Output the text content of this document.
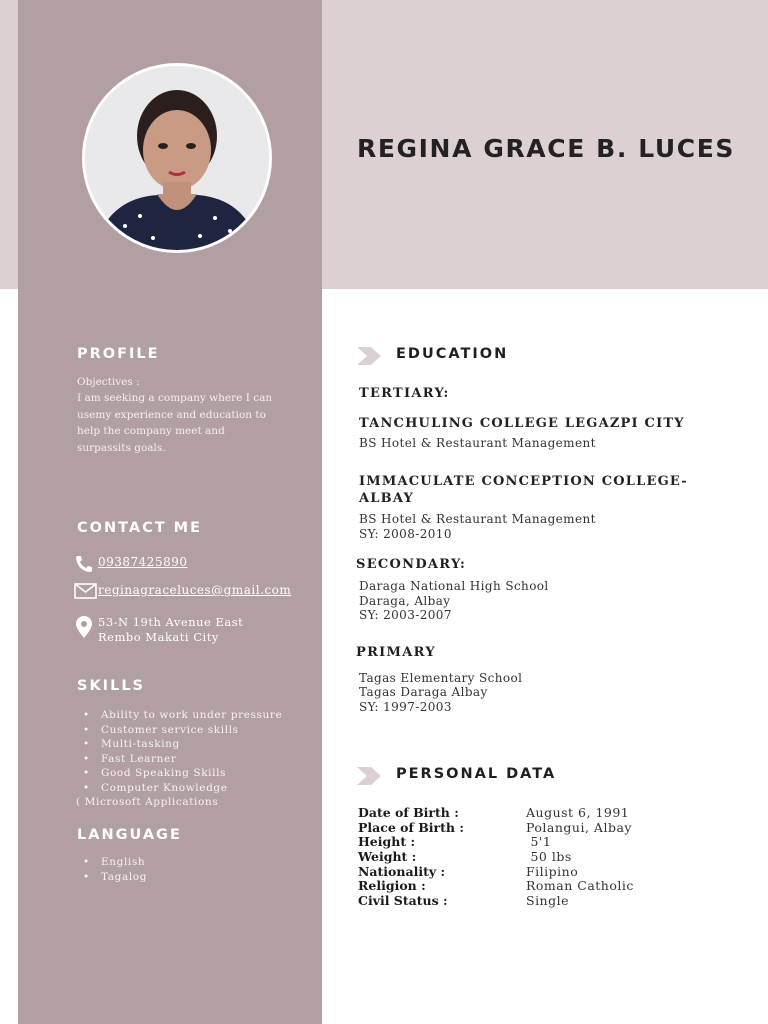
REGINA GRACE B. LUCES
PROFILE

Objectives :

I am seeking a company where I can usemy experience and education to help the company meet and surpassits goals.

CONTACT ME
09387425890
reginagraceluces@gmail.com
53-N 19th Avenue East
Rembo Makati City
SKILLS
• Ability to work under pressure
• Customer service skills
• Multi-tasking
• Fast Learner
• Good Speaking Skills
• Computer Knowledge

( Microsoft Applications

LANGUAGE
• English
• Tagalog
EDUCATION

TERTIARY:

TANCHULING COLLEGE LEGAZPI CITY

BS Hotel & Restaurant Management

IMMACULATE CONCEPTION COLLEGE-ALBAY

BS Hotel & Restaurant Management

SY: 2008-2010

SECONDARY:

Daraga National High School

Daraga, Albay

SY: 2003-2007

PRIMARY

Tagas Elementary School

Tagas Daraga Albay

SY: 1997-2003

PERSONAL DATA
Date of Birth :	August 6, 1991
Place of Birth :	Polangui, Albay
Height :	5'1
Weight :	50 lbs
Nationality :	Filipino
Religion :	Roman Catholic
Civil Status :	Single
